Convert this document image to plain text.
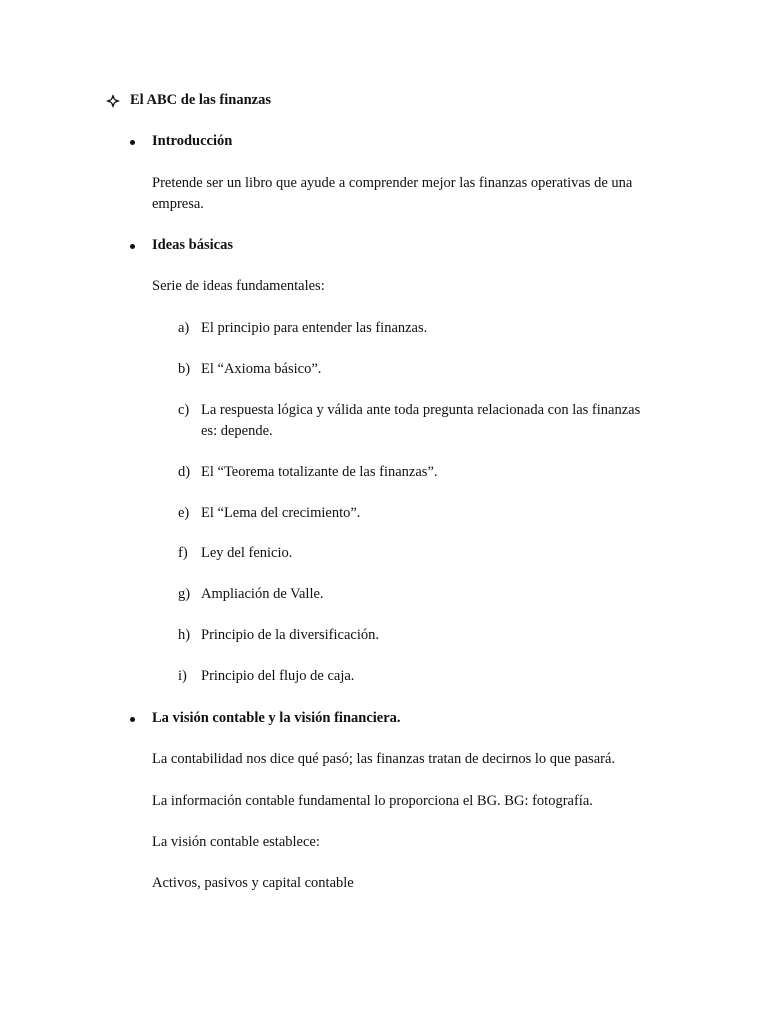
El ABC de las finanzas
Introducción
Pretende ser un libro que ayude a comprender mejor las finanzas operativas de una
empresa.
Ideas básicas
Serie de ideas fundamentales:
a) El principio para entender las finanzas.
b) El “Axioma básico”.
c) La respuesta lógica y válida ante toda pregunta relacionada con las finanzas
es: depende.
d) El “Teorema totalizante de las finanzas”.
e) El “Lema del crecimiento”.
f) Ley del fenicio.
g) Ampliación de Valle.
h) Principio de la diversificación.
i) Principio del flujo de caja.
La visión contable y la visión financiera.
La contabilidad nos dice qué pasó; las finanzas tratan de decirnos lo que pasará.
La información contable fundamental lo proporciona el BG. BG: fotografía.
La visión contable establece:
Activos, pasivos y capital contable
